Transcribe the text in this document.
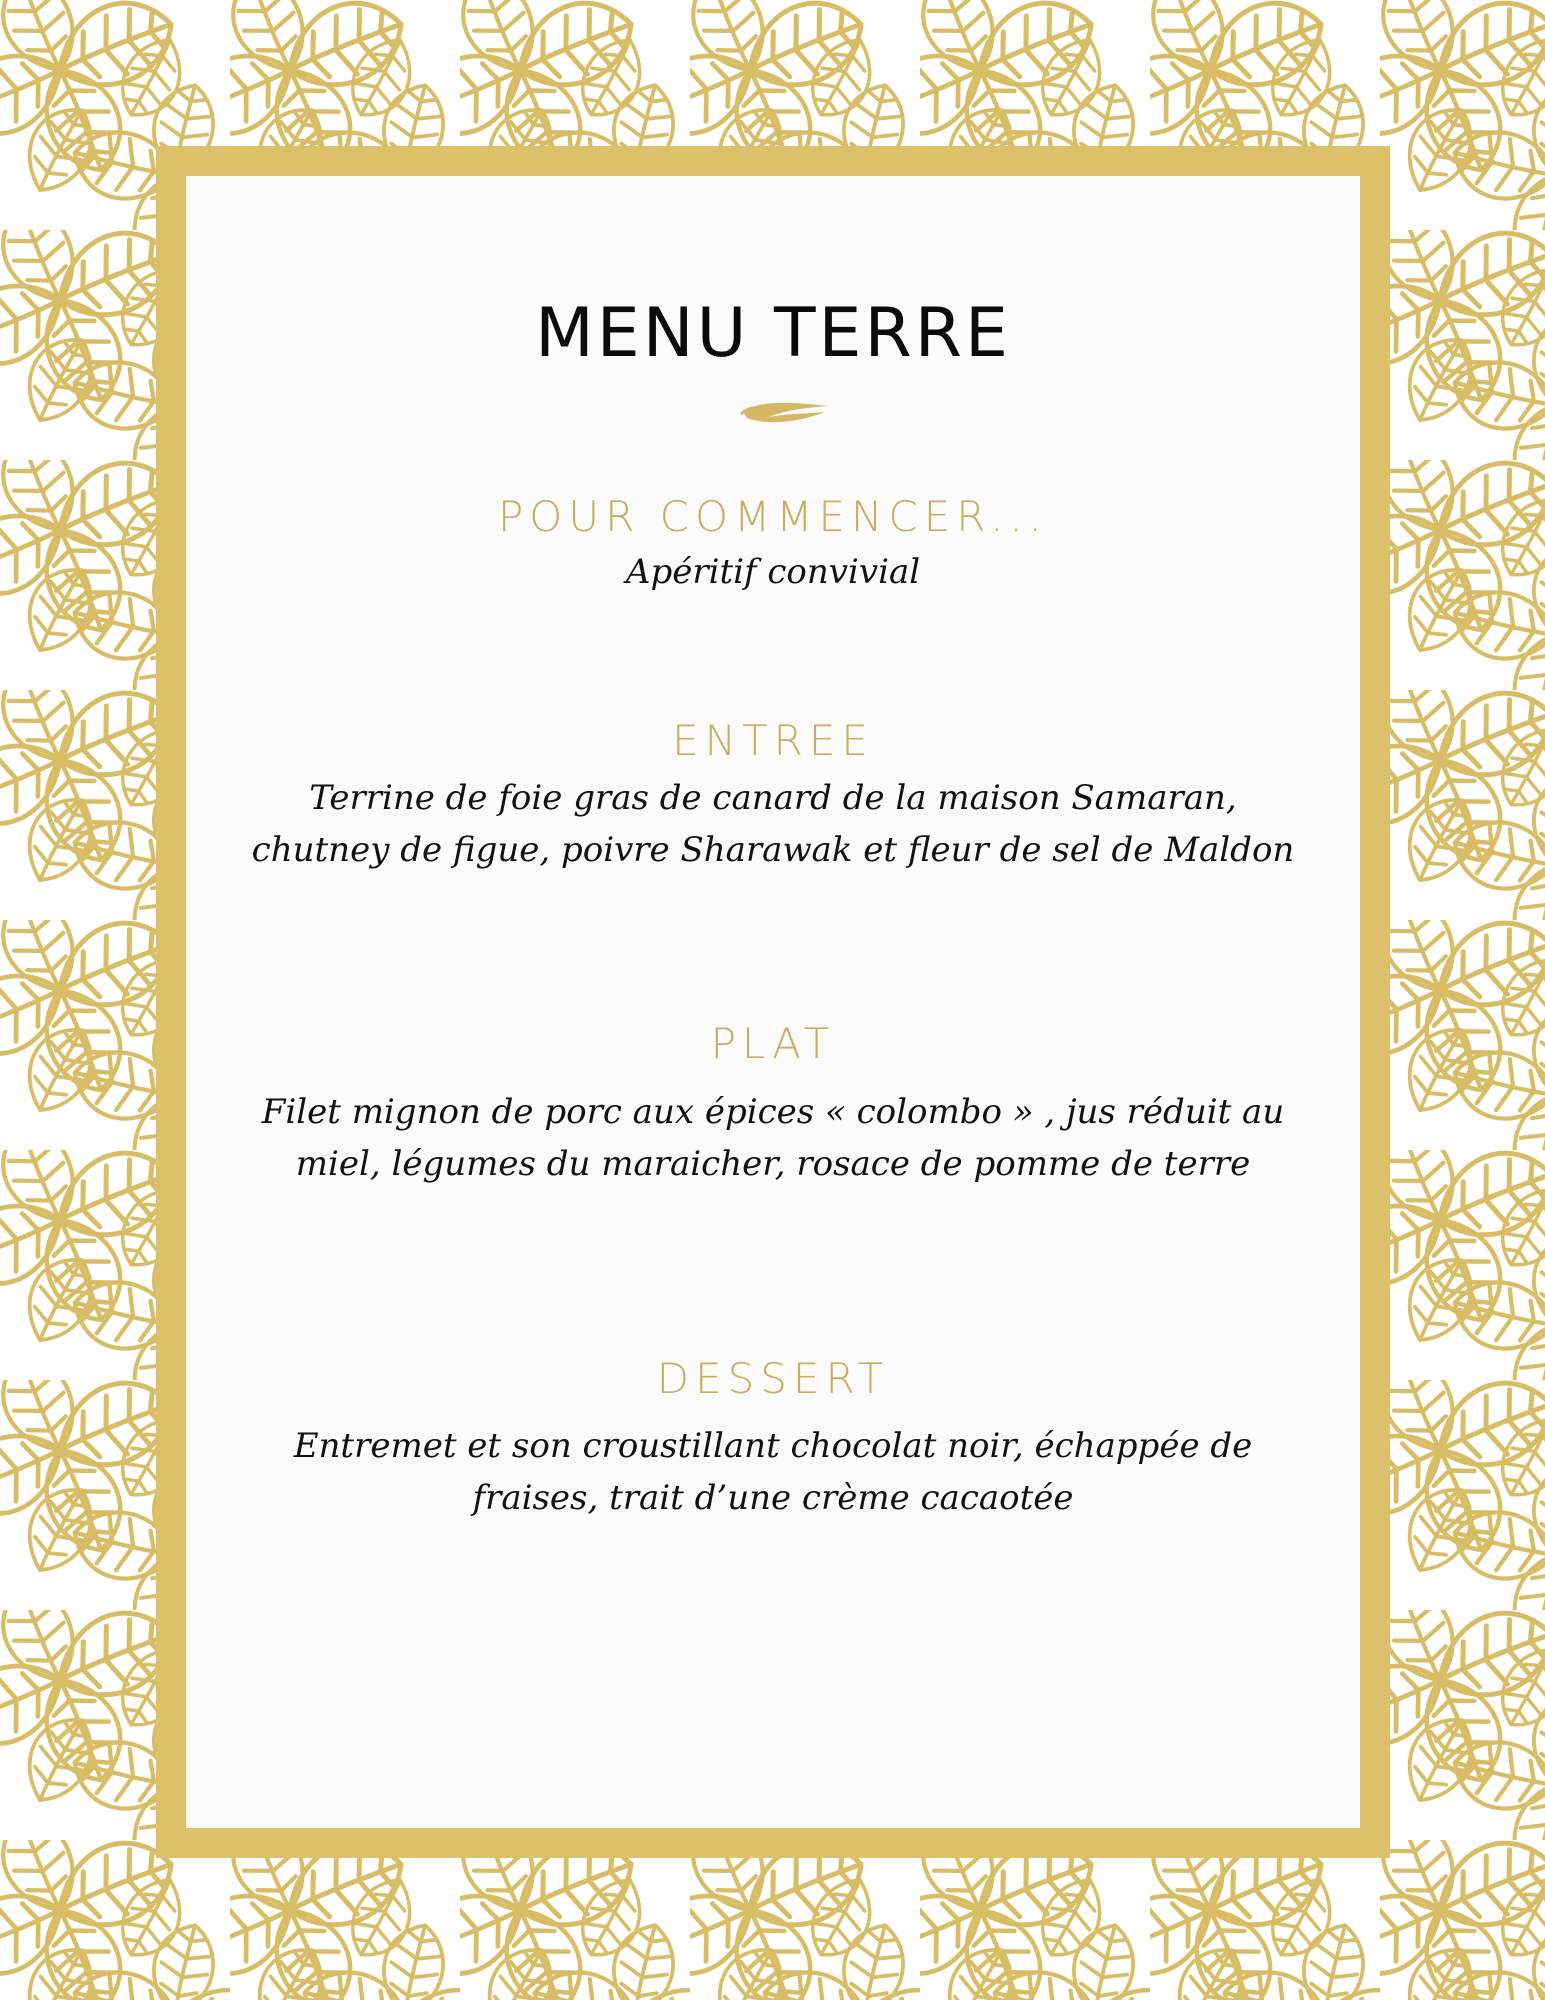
MENU TERRE
POUR COMMENCER...
Apéritif convivial
ENTREE
Terrine de foie gras de canard de la maison Samaran,
chutney de figue, poivre Sharawak et fleur de sel de Maldon
PLAT
Filet mignon de porc aux épices « colombo » , jus réduit au
miel, légumes du maraicher, rosace de pomme de terre
DESSERT
Entremet et son croustillant chocolat noir, échappée de
fraises, trait d’une crème cacaotée
